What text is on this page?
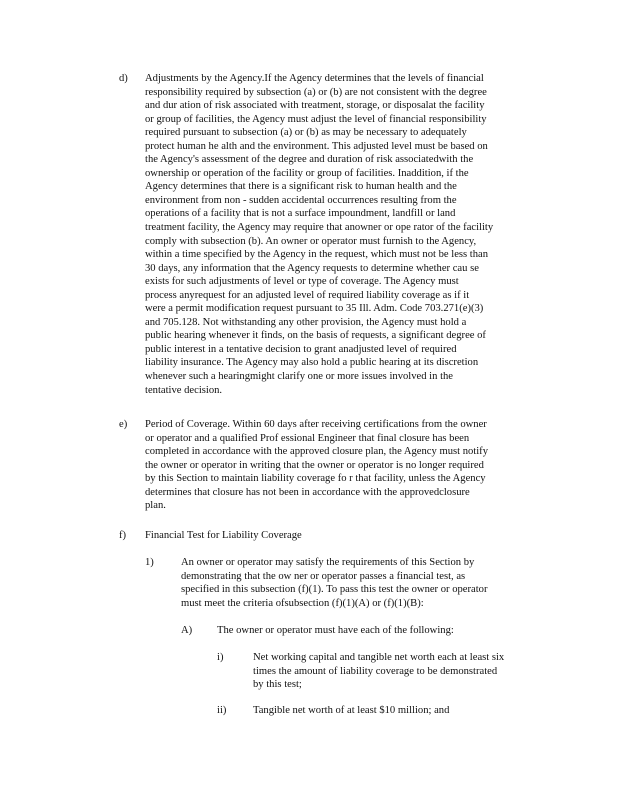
d) Adjustments by the Agency.If the Agency determines that the levels of financial
responsibility required by subsection (a) or (b) are not consistent with the degree
and dur ation of risk associated with treatment, storage, or disposalat the facility
or group of facilities, the Agency must adjust the level of financial responsibility
required pursuant to subsection (a) or (b) as may be necessary to adequately
protect human he alth and the environment. This adjusted level must be based on
the Agency's assessment of the degree and duration of risk associatedwith the
ownership or operation of the facility or group of facilities. Inaddition, if the
Agency determines that there is a significant risk to human health and the
environment from non - sudden accidental occurrences resulting from the
operations of a facility that is not a surface impoundment, landfill or land
treatment facility, the Agency may require that anowner or ope rator of the facility
comply with subsection (b). An owner or operator must furnish to the Agency,
within a time specified by the Agency in the request, which must not be less than
30 days, any information that the Agency requests to determine whether cau se
exists for such adjustments of level or type of coverage. The Agency must
process anyrequest for an adjusted level of required liability coverage as if it
were a permit modification request pursuant to 35 Ill. Adm. Code 703.271(e)(3)
and 705.128. Not withstanding any other provision, the Agency must hold a
public hearing whenever it finds, on the basis of requests, a significant degree of
public interest in a tentative decision to grant anadjusted level of required
liability insurance. The Agency may also hold a public hearing at its discretion
whenever such a hearingmight clarify one or more issues involved in the
tentative decision.
e) Period of Coverage. Within 60 days after receiving certifications from the owner
or operator and a qualified Prof essional Engineer that final closure has been
completed in accordance with the approved closure plan, the Agency must notify
the owner or operator in writing that the owner or operator is no longer required
by this Section to maintain liability coverage fo r that facility, unless the Agency
determines that closure has not been in accordance with the approvedclosure
plan.
f) Financial Test for Liability Coverage
1)	An owner or operator may satisfy the requirements of this Section by
demonstrating that the ow ner or operator passes a financial test, as
specified in this subsection (f)(1). To pass this test the owner or operator
must meet the criteria ofsubsection (f)(1)(A) or (f)(1)(B):
A) The owner or operator must have each of the following:
i)	Net working capital and tangible net worth each at least six
times the amount of liability coverage to be demonstrated
by this test;
ii)	Tangible net worth of at least $10 million; and
